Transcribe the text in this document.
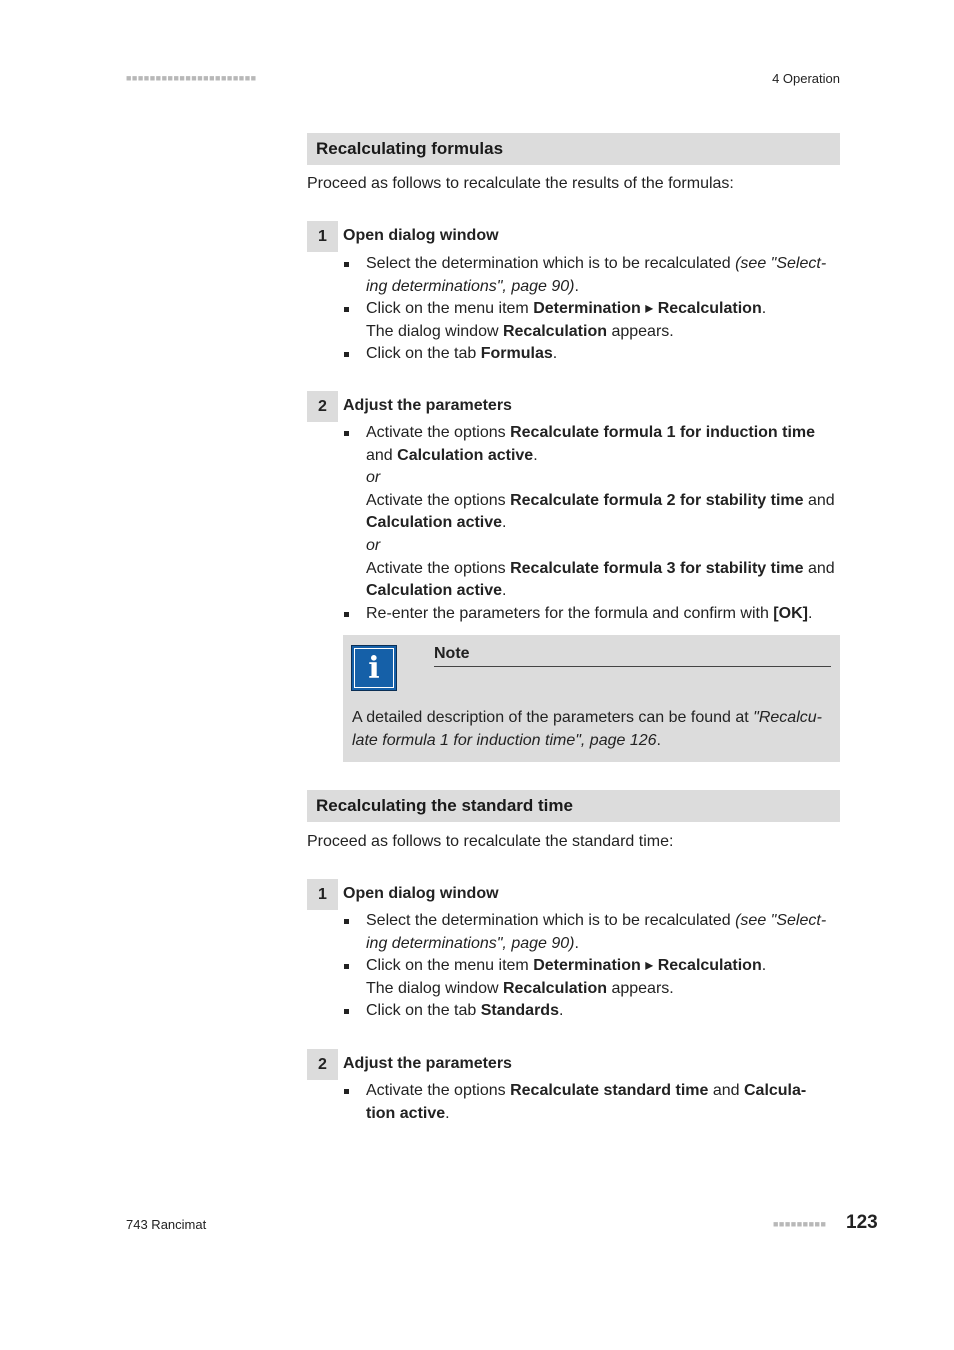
■■■■■■■■■■■■■■■■■■■■■■	4 Operation
Recalculating formulas
Proceed as follows to recalculate the results of the formulas:
1	Open dialog window
Select the determination which is to be recalculated (see "Select-
ing determinations", page 90).
Click on the menu item Determination ▸ Recalculation.
The dialog window Recalculation appears.
Click on the tab Formulas.
2	Adjust the parameters
Activate the options Recalculate formula 1 for induction time and Calculation active.
or
Activate the options Recalculate formula 2 for stability time and Calculation active.
or
Activate the options Recalculate formula 3 for stability time and Calculation active.
Re-enter the parameters for the formula and confirm with [OK].
i	Note
A detailed description of the parameters can be found at "Recalcu-
late formula 1 for induction time", page 126.
Recalculating the standard time
Proceed as follows to recalculate the standard time:
1	Open dialog window
Select the determination which is to be recalculated (see "Select-
ing determinations", page 90).
Click on the menu item Determination ▸ Recalculation.
The dialog window Recalculation appears.
Click on the tab Standards.
2	Adjust the parameters
Activate the options Recalculate standard time and Calcula-
tion active.
743 Rancimat	■■■■■■■■■ 123
